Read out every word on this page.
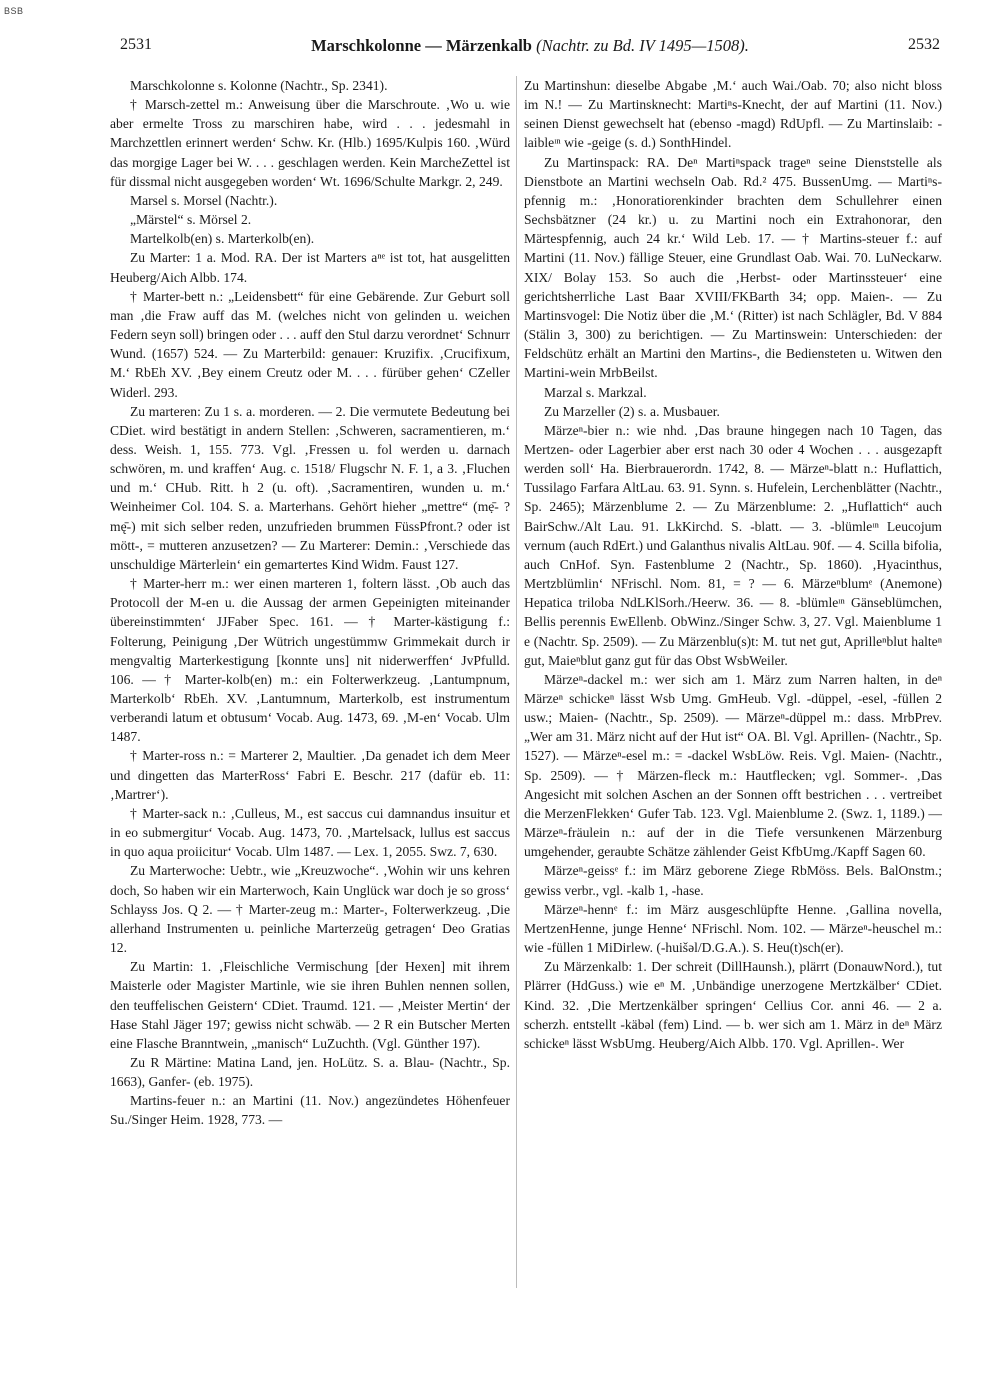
BSB
2531	Marschkolonne — Märzenkalb (Nachtr. zu Bd. IV 1495—1508).	2532

Marschkolonne s. Kolonne (Nachtr., Sp. 2341).

† Marsch-zettel m.: Anweisung über die Marschroute. ‚Wo u. wie aber ermelte Tross zu marschiren habe, wird . . . jedesmahl in Marchzettlen erinnert werden‘ Schw. Kr. (Hlb.) 1695/Kulpis 160. ‚Würd das morgige Lager bei W. . . . geschlagen werden. Kein MarcheZettel ist für dissmal nicht ausgegeben worden‘ Wt. 1696/Schulte Markgr. 2, 249.

Marsel s. Morsel (Nachtr.).

„Märstel“ s. Mörsel 2.

Martelkolb(en) s. Marterkolb(en).

Zu Marter: 1 a. Mod. RA. Der ist Marters aⁿᵉ ist tot, hat ausgelitten Heuberg/Aich Albb. 174.

† Marter-bett n.: „Leidensbett“ für eine Gebärende. Zur Geburt soll man ‚die Fraw auff das M. (welches nicht von gelinden u. weichen Federn seyn soll) bringen oder . . . auff den Stul darzu verordnet‘ Schnurr Wund. (1657) 524. — Zu Marterbild: genauer: Kruzifix. ‚Crucifixum, M.‘ RbEh XV. ‚Bey einem Creutz oder M. . . . fürüber gehen‘ CZeller Widerl. 293.

Zu marteren: Zu 1 s. a. morderen. — 2. Die vermutete Bedeutung bei CDiet. wird bestätigt in andern Stellen: ‚Schweren, sacramentieren, m.‘ dess. Weish. 1, 155. 773. Vgl. ‚Fressen u. fol werden u. darnach schwören, m. und kraffen‘ Aug. c. 1518/ Flugschr N. F. 1, a 3. ‚Fluchen und m.‘ CHub. Ritt. h 2 (u. oft). ‚Sacramentiren, wunden u. m.‘ Weinheimer Col. 104. S. a. Marterhans. Gehört hieher „mettre“ (mẹ̄- ? mę̄-) mit sich selber reden, unzufrieden brummen FüssPfront.? oder ist mött-, = mutteren anzusetzen? — Zu Marterer: Demin.: ‚Verschiede das unschuldige Märterlein‘ ein gemartertes Kind Widm. Faust 127.

† Marter-herr m.: wer einen marteren 1, foltern lässt. ‚Ob auch das Protocoll der M-en u. die Aussag der armen Gepeinigten miteinander übereinstimmten‘ JJFaber Spec. 161. — † Marter-kästigung f.: Folterung, Peinigung ‚Der Wütrich ungestümmw Grimmekait durch ir mengvaltig Marterkestigung [konnte uns] nit niderwerffen‘ JvPfulld. 106. — † Marter-kolb(en) m.: ein Folterwerkzeug. ‚Lantumpnum, Marterkolb‘ RbEh. XV. ‚Lantumnum, Marterkolb, est instrumentum verberandi latum et obtusum‘ Vocab. Aug. 1473, 69. ‚M-en‘ Vocab. Ulm 1487.

† Marter-ross n.: = Marterer 2, Maultier. ‚Da genadet ich dem Meer und dingetten das MarterRoss‘ Fabri E. Beschr. 217 (dafür eb. 11: ‚Martrer‘).

† Marter-sack n.: ‚Culleus, M., est saccus cui damnandus insuitur et in eo submergitur‘ Vocab. Aug. 1473, 70. ‚Martelsack, lullus est saccus in quo aqua proiicitur‘ Vocab. Ulm 1487. — Lex. 1, 2055. Swz. 7, 630.

Zu Marterwoche: Uebtr., wie „Kreuzwoche“. ‚Wohin wir uns kehren doch, So haben wir ein Marterwoch, Kain Unglück war doch je so gross‘ Schlayss Jos. Q 2. — † Marter-zeug m.: Marter-, Folterwerkzeug. ‚Die allerhand Instrumenten u. peinliche Marterzeüg getragen‘ Deo Gratias 12.

Zu Martin: 1. ‚Fleischliche Vermischung [der Hexen] mit ihrem Maisterle oder Magister Martinle, wie sie ihren Buhlen nennen sollen, den teuffelischen Geistern‘ CDiet. Traumd. 121. — ‚Meister Mertin‘ der Hase Stahl Jäger 197; gewiss nicht schwäb. — 2 R ein Butscher Merten eine Flasche Branntwein, „manisch“ LuZuchth. (Vgl. Günther 197).

Zu R Märtine: Matina Land, jen. HoLütz. S. a. Blau- (Nachtr., Sp. 1663), Ganfer- (eb. 1975).

Martins-feuer n.: an Martini (11. Nov.) angezündetes Höhenfeuer Su./Singer Heim. 1928, 773. —

Zu Martinshun: dieselbe Abgabe ‚M.‘ auch Wai./Oab. 70; also nicht bloss im N.! — Zu Martinsknecht: Martiⁿs-Knecht, der auf Martini (11. Nov.) seinen Dienst gewechselt hat (ebenso -magd) RdUpfl. — Zu Martinslaib: -laibleᶦⁿ wie -geige (s. d.) SonthHindel.

Zu Martinspack: RA. Deⁿ Martiⁿspack trageⁿ seine Dienststelle als Dienstbote an Martini wechseln Oab. Rd.² 475. BussenUmg. — Martiⁿs-pfennig m.: ‚Honoratiorenkinder brachten dem Schullehrer einen Sechsbätzner (24 kr.) u. zu Martini noch ein Extrahonorar, den Märtespfennig, auch 24 kr.‘ Wild Leb. 17. — † Martins-steuer f.: auf Martini (11. Nov.) fällige Steuer, eine Grundlast Oab. Wai. 70. LuNeckarw. XIX/ Bolay 153. So auch die ‚Herbst- oder Martinssteuer‘ eine gerichtsherrliche Last Baar XVIII/FKBarth 34; opp. Maien-. — Zu Martinsvogel: Die Notiz über die ‚M.‘ (Ritter) ist nach Schlägler, Bd. V 884 (Stälin 3, 300) zu berichtigen. — Zu Martinswein: Unterschieden: der Feldschütz erhält an Martini den Martins-, die Bediensteten u. Witwen den Martini-wein MrbBeilst.

Marzal s. Markzal.

Zu Marzeller (2) s. a. Musbauer.

Märzeⁿ-bier n.: wie nhd. ‚Das braune hingegen nach 10 Tagen, das Mertzen- oder Lagerbier aber erst nach 30 oder 4 Wochen . . . ausgezapft werden soll‘ Ha. Bierbrauerordn. 1742, 8. — Märzeⁿ-blatt n.: Huflattich, Tussilago Farfara AltLau. 63. 91. Synn. s. Hufelein, Lerchenblätter (Nachtr., Sp. 2465); Märzenblume 2. — Zu Märzenblume: 2. „Huflattich“ auch BairSchw./Alt Lau. 91. LkKirchd. S. -blatt. — 3. -blümleᶦⁿ Leucojum vernum (auch RdErt.) und Galanthus nivalis AltLau. 90f. — 4. Scilla bifolia, auch CnHof. Syn. Fastenblume 2 (Nachtr., Sp. 1860). ‚Hyacinthus, Mertzblümlin‘ NFrischl. Nom. 81, = ? — 6. Märzeⁿblumᵉ (Anemone) Hepatica triloba NdLKlSorh./Heerw. 36. — 8. -blümleᶦⁿ Gänseblümchen, Bellis perennis EwEllenb. ObWinz./Singer Schw. 3, 27. Vgl. Maienblume 1 e (Nachtr. Sp. 2509). — Zu Märzenblu(s)t: M. tut net gut, Aprilleⁿblut halteⁿ gut, Maieⁿblut ganz gut für das Obst WsbWeiler.

Märzeⁿ-dackel m.: wer sich am 1. März zum Narren halten, in deⁿ Märzeⁿ schickeⁿ lässt Wsb Umg. GmHeub. Vgl. -düppel, -esel, -füllen 2 usw.; Maien- (Nachtr., Sp. 2509). — Märzeⁿ-düppel m.: dass. MrbPrev. „Wer am 31. März nicht auf der Hut ist“ OA. Bl. Vgl. Aprillen- (Nachtr., Sp. 1527). — Märzeⁿ-esel m.: = -dackel WsbLöw. Reis. Vgl. Maien- (Nachtr., Sp. 2509). — † Märzen-fleck m.: Hautflecken; vgl. Sommer-. ‚Das Angesicht mit solchen Aschen an der Sonnen offt bestrichen . . . vertreibet die MerzenFlekken‘ Gufer Tab. 123. Vgl. Maienblume 2. (Swz. 1, 1189.) — Märzeⁿ-fräulein n.: auf der in die Tiefe versunkenen Märzenburg umgehender, geraubte Schätze zählender Geist KfbUmg./Kapff Sagen 60.

Märzeⁿ-geissᵉ f.: im März geborene Ziege RbMöss. Bels. BalOnstm.; gewiss verbr., vgl. -kalb 1, -hase.

Märzeⁿ-hennᵉ f.: im März ausgeschlüpfte Henne. ‚Gallina novella, MertzenHenne, junge Henne‘ NFrischl. Nom. 102. — Märzeⁿ-heuschel m.: wie -füllen 1 MiDirlew. (-huišəl/D.G.A.). S. Heu(t)sch(er).

Zu Märzenkalb: 1. Der schreit (DillHaunsh.), plärrt (DonauwNord.), tut Plärrer (HdGuss.) wie eⁿ M. ‚Unbändige unerzogene Mertzkälber‘ CDiet. Kind. 32. ‚Die Mertzenkälber springen‘ Cellius Cor. anni 46. — 2 a. scherzh. entstellt -käbəl (fem) Lind. — b. wer sich am 1. März in deⁿ März schickeⁿ lässt WsbUmg. Heuberg/Aich Albb. 170. Vgl. Aprillen-. Wer
